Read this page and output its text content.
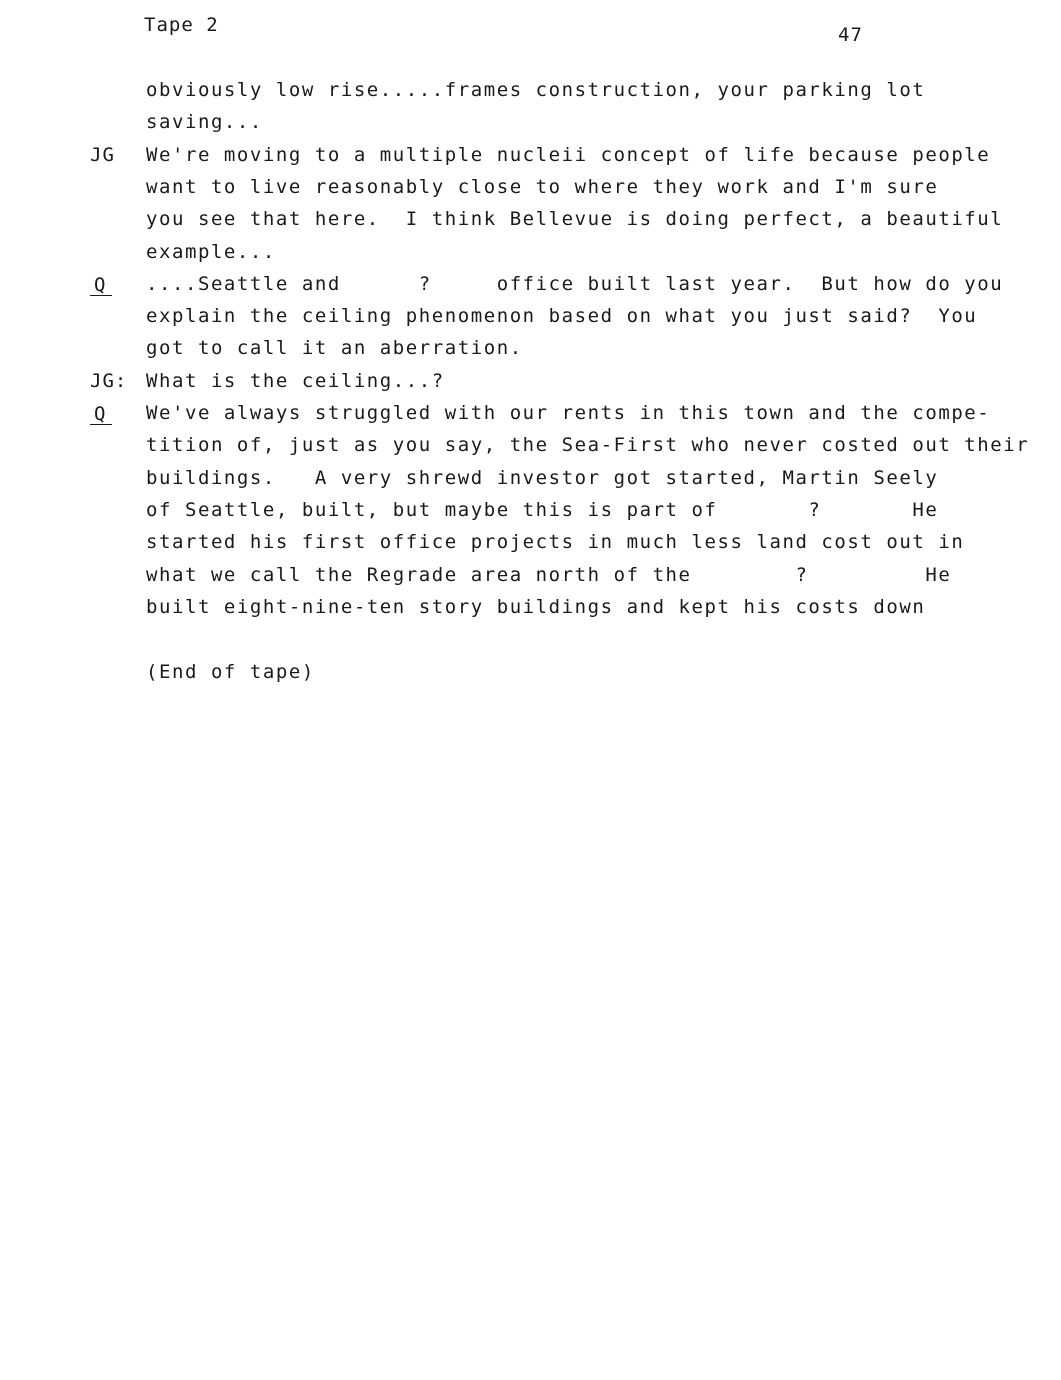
Tape 2	47
JG
Q
JG:
Q
obviously low rise.....frames construction, your parking lot
saving...
We're moving to a multiple nucleii concept of life because people
want to live reasonably close to where they work and I'm sure
you see that here.  I think Bellevue is doing perfect, a beautiful
example...
....Seattle and      ?     office built last year.  But how do you
explain the ceiling phenomenon based on what you just said?  You
got to call it an aberration.
What is the ceiling...?
We've always struggled with our rents in this town and the compe-
tition of, just as you say, the Sea-First who never costed out their
buildings.   A very shrewd investor got started, Martin Seely
of Seattle, built, but maybe this is part of       ?       He
started his first office projects in much less land cost out in
what we call the Regrade area north of the        ?         He
built eight-nine-ten story buildings and kept his costs down
(End of tape)
